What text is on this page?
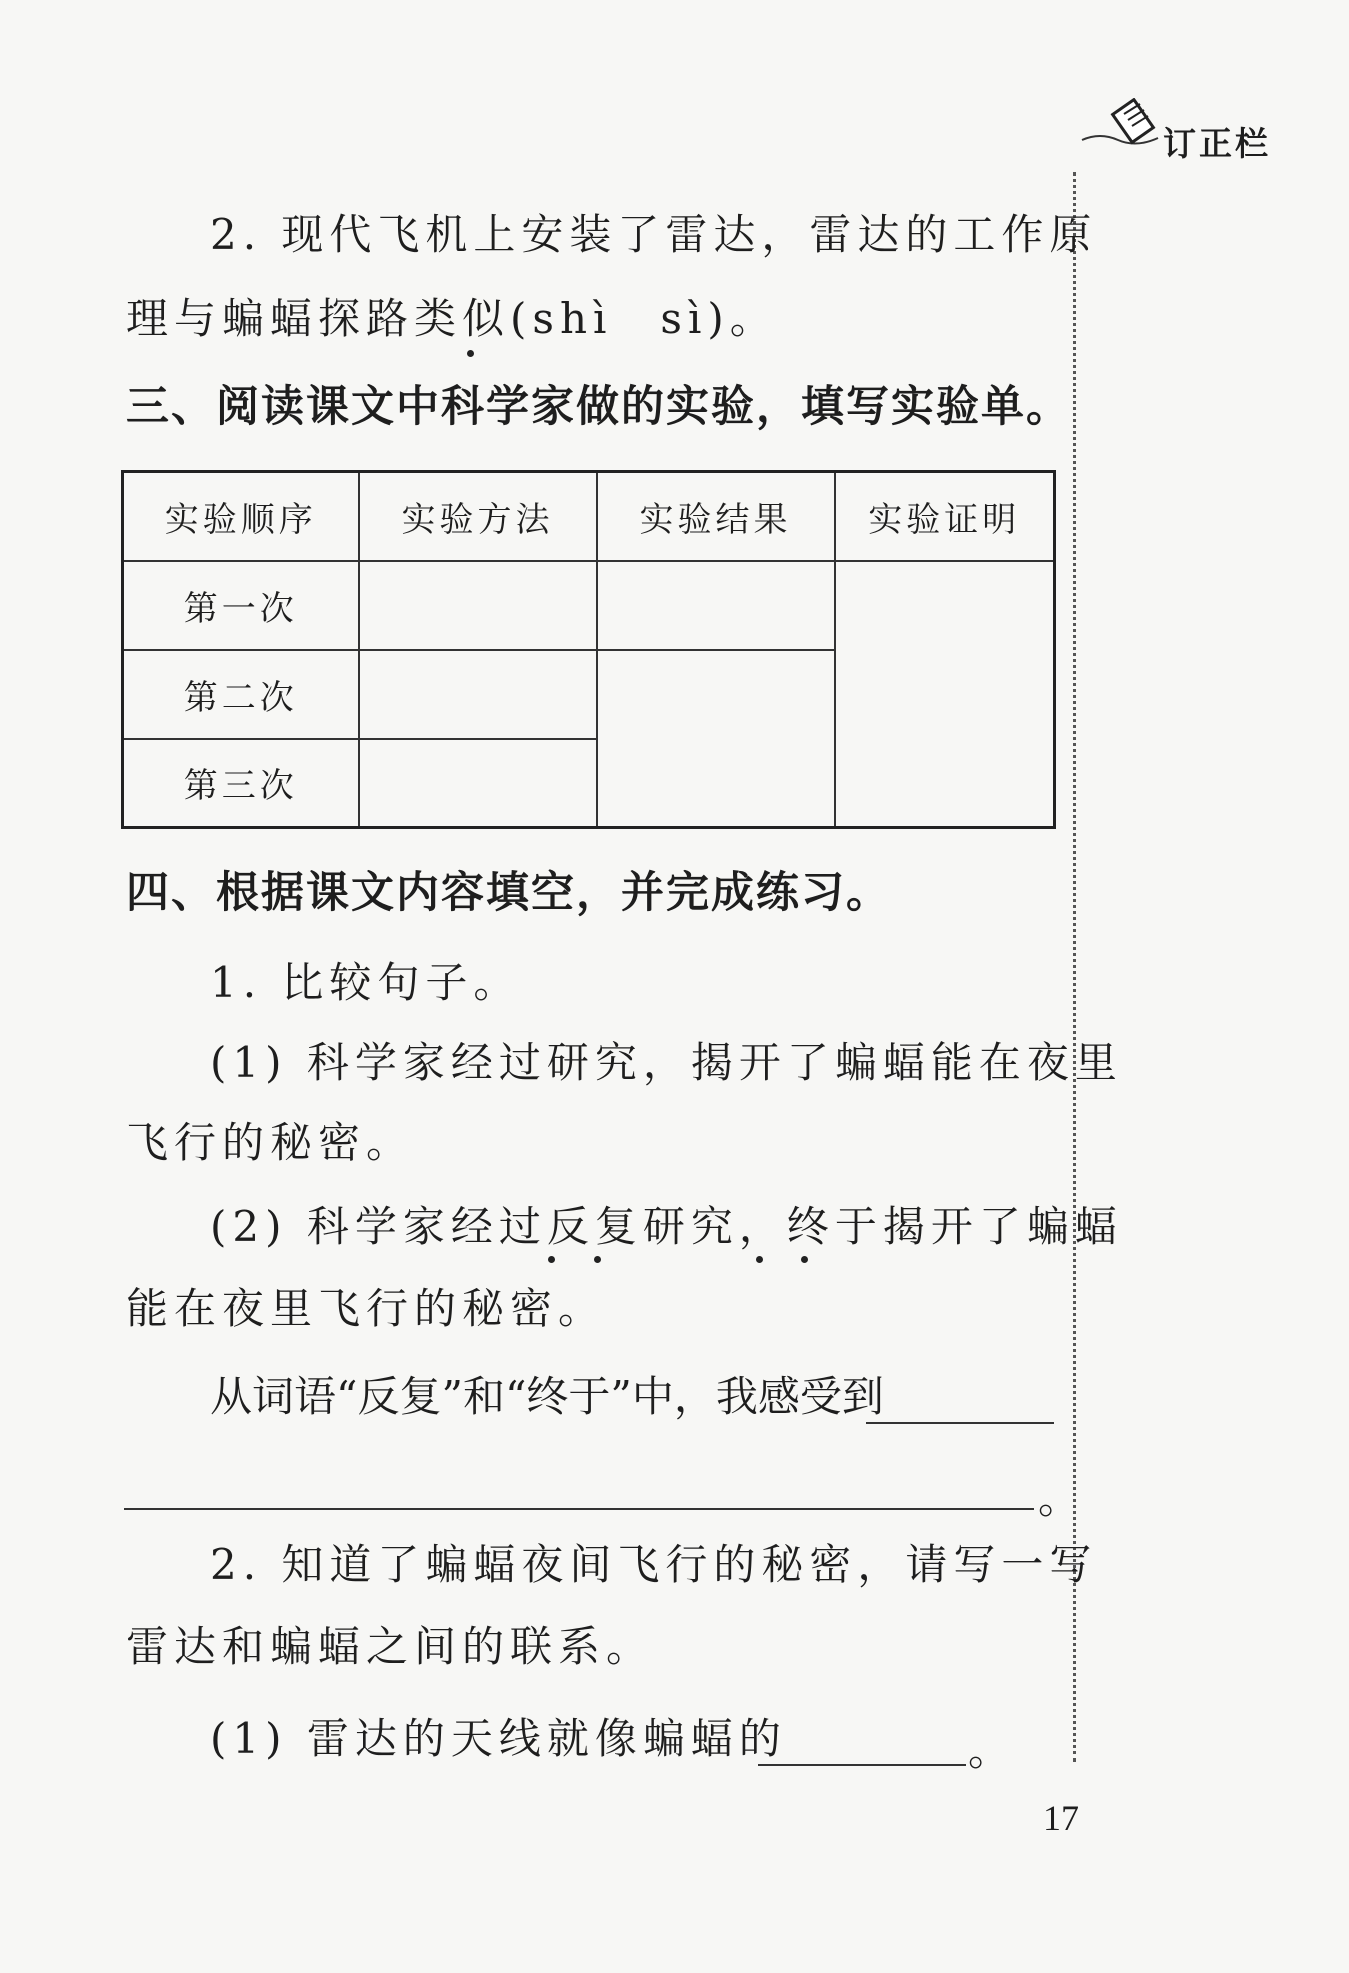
订正栏
2. 现代飞机上安装了雷达，雷达的工作原
理与蝙蝠探路类似(shì　sì)。
三、阅读课文中科学家做的实验，填写实验单。
实验顺序	实验方法	实验结果	实验证明
第一次			
第二次			
第三次			
四、根据课文内容填空，并完成练习。
1. 比较句子。
(1) 科学家经过研究，揭开了蝙蝠能在夜里
飞行的秘密。
(2) 科学家经过反复研究，终于揭开了蝙蝠
能在夜里飞行的秘密。
从词语“反复”和“终于”中，我感受到
。
2. 知道了蝙蝠夜间飞行的秘密，请写一写
雷达和蝙蝠之间的联系。
(1) 雷达的天线就像蝙蝠的	。
17
